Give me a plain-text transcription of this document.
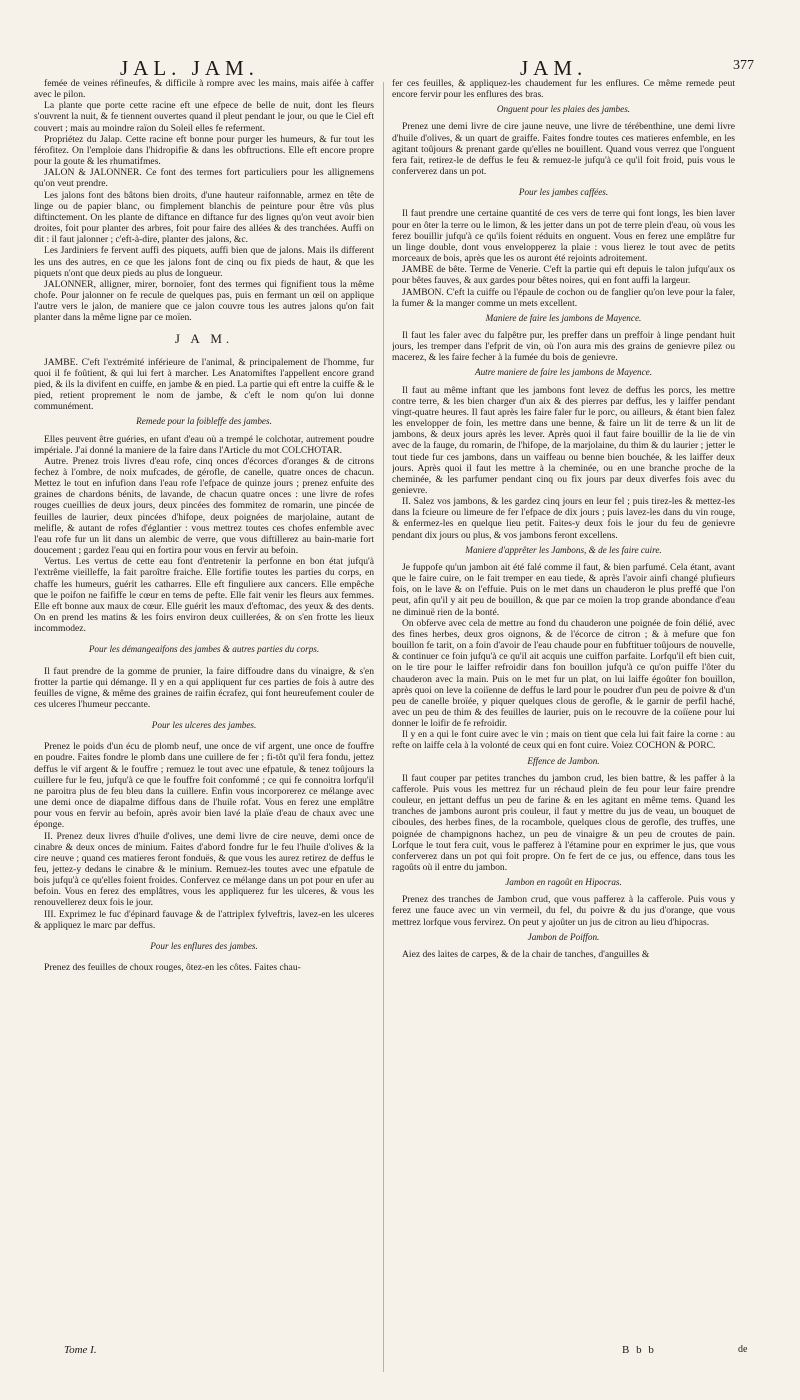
JAL. JAM.	JAM.	377

femée de veines réfineufes, & difficile à rompre avec les mains, mais aifée à caffer avec le pilon.

La plante que porte cette racine eft une efpece de belle de nuit, dont les fleurs s'ouvrent la nuit, & fe tiennent ouvertes quand il pleut pendant le jour, ou que le Ciel eft couvert ; mais au moindre raïon du Soleil elles fe referment.

Propriétez du Jalap. Cette racine eft bonne pour purger les humeurs, & fur tout les férofitez. On l'emploie dans l'hidropifie & dans les obftructions. Elle eft encore propre pour la goute & les rhumatifmes.

JALON & JALONNER. Ce font des termes fort particuliers pour les allignemens qu'on veut prendre.

Les jalons font des bâtons bien droits, d'une hauteur raifonnable, armez en tête de linge ou de papier blanc, ou fimplement blanchis de peinture pour être vûs plus diftinctement. On les plante de diftance en diftance fur des lignes qu'on veut avoir bien droites, foit pour planter des arbres, foit pour faire des allées & des tranchées. Auffi on dit : il faut jalonner ; c'eft-à-dire, planter des jalons, &c.

Les Jardiniers fe fervent auffi des piquets, auffi bien que de jalons. Mais ils different les uns des autres, en ce que les jalons font de cinq ou fix pieds de haut, & que les piquets n'ont que deux pieds au plus de longueur.

JALONNER, alligner, mirer, bornoïer, font des termes qui fignifient tous la même chofe. Pour jalonner on fe recule de quelques pas, puis en fermant un œil on applique l'autre vers le jalon, de maniere que ce jalon couvre tous les autres jalons qu'on fait planter dans la même ligne par ce moïen.

J A M.

JAMBE. C'eft l'extrémité inférieure de l'animal, & principalement de l'homme, fur quoi il fe foûtient, & qui lui fert à marcher. Les Anatomiftes l'appellent encore grand pied, & ils la divifent en cuiffe, en jambe & en pied. La partie qui eft entre la cuiffe & le pied, retient proprement le nom de jambe, & c'eft le nom qu'on lui donne communément.

Remede pour la foibleffe des jambes.

Elles peuvent être guéries, en ufant d'eau où a trempé le colchotar, autrement poudre impériale. J'ai donné la maniere de la faire dans l'Article du mot COLCHOTAR.

Autre. Prenez trois livres d'eau rofe, cinq onces d'écorces d'oranges & de citrons fechez à l'ombre, de noix mufcades, de gérofle, de canelle, quatre onces de chacun. Mettez le tout en infufion dans l'eau rofe l'efpace de quinze jours ; prenez enfuite des graines de chardons bénits, de lavande, de chacun quatre onces : une livre de rofes rouges cueillies de deux jours, deux pincées des fommitez de romarin, une pincée de feuilles de laurier, deux pincées d'hifope, deux poignées de marjolaine, autant de melifle, & autant de rofes d'églantier : vous mettrez toutes ces chofes enfemble avec l'eau rofe fur un lit dans un alembic de verre, que vous diftillerez au bain-marie fort doucement ; gardez l'eau qui en fortira pour vous en fervir au befoin.

Vertus. Les vertus de cette eau font d'entretenir la perfonne en bon état jufqu'à l'extrême vieilleffe, la fait paroître fraiche. Elle fortifie toutes les parties du corps, en chaffe les humeurs, guérit les catharres. Elle eft finguliere aux cancers. Elle empêche que le poifon ne faififfe le cœur en tems de pefte. Elle fait venir les fleurs aux femmes. Elle eft bonne aux maux de cœur. Elle guérit les maux d'eftomac, des yeux & des dents. On en prend les matins & les foirs environ deux cuillerées, & on s'en frotte les lieux incommodez.

Pour les démangeaifons des jambes & autres parties du corps.

Il faut prendre de la gomme de prunier, la faire diffoudre dans du vinaigre, & s'en frotter la partie qui démange. Il y en a qui appliquent fur ces parties de fois à autre des feuilles de vigne, & même des graines de raifin écrafez, qui font heureufement couler de ces ulceres l'humeur peccante.

Pour les ulceres des jambes.

Prenez le poids d'un écu de plomb neuf, une once de vif argent, une once de fouffre en poudre. Faites fondre le plomb dans une cuillere de fer ; fi-tôt qu'il fera fondu, jettez deffus le vif argent & le fouffre ; remuez le tout avec une efpatule, & tenez toûjours la cuillere fur le feu, jufqu'à ce que le fouffre foit confommé ; ce qui fe connoitra lorfqu'il ne paroitra plus de feu bleu dans la cuillere. Enfin vous incorporerez ce mélange avec une demi once de diapalme diffous dans de l'huile rofat. Vous en ferez une emplâtre pour vous en fervir au befoin, après avoir bien lavé la plaïe d'eau de chaux avec une éponge.

II. Prenez deux livres d'huile d'olives, une demi livre de cire neuve, demi once de cinabre & deux onces de minium. Faites d'abord fondre fur le feu l'huile d'olives & la cire neuve ; quand ces matieres feront fonduës, & que vous les aurez retirez de deffus le feu, jettez-y dedans le cinabre & le minium. Remuez-les toutes avec une efpatule de bois jufqu'à ce qu'elles foient froides. Confervez ce mélange dans un pot pour en ufer au befoin. Vous en ferez des emplâtres, vous les appliquerez fur les ulceres, & vous les renouvellerez deux fois le jour.

III. Exprimez le fuc d'épinard fauvage & de l'attriplex fylveftris, lavez-en les ulceres & appliquez le marc par deffus.

Pour les enflures des jambes.

Prenez des feuilles de choux rouges, ôtez-en les côtes. Faites chau-

fer ces feuilles, & appliquez-les chaudement fur les enflures. Ce même remede peut encore fervir pour les enflures des bras.

Onguent pour les plaies des jambes.

Prenez une demi livre de cire jaune neuve, une livre de térébenthine, une demi livre d'huile d'olives, & un quart de graiffe. Faites fondre toutes ces matieres enfemble, en les agitant toûjours & prenant garde qu'elles ne bouillent. Quand vous verrez que l'onguent fera fait, retirez-le de deffus le feu & remuez-le jufqu'à ce qu'il foit froid, puis vous le conferverez dans un pot.

Pour les jambes caffées.

Il faut prendre une certaine quantité de ces vers de terre qui font longs, les bien laver pour en ôter la terre ou le limon, & les jetter dans un pot de terre plein d'eau, où vous les ferez bouillir jufqu'à ce qu'ils foient réduits en onguent. Vous en ferez une emplâtre fur un linge double, dont vous envelopperez la plaie : vous lierez le tout avec de petits morceaux de bois, après que les os auront été rejoints adroitement.

JAMBE de bête. Terme de Venerie. C'eft la partie qui eft depuis le talon jufqu'aux os pour bêtes fauves, & aux gardes pour bêtes noires, qui en font auffi la largeur.

JAMBON. C'eft la cuiffe ou l'épaule de cochon ou de fanglier qu'on leve pour la faler, la fumer & la manger comme un mets excellent.

Maniere de faire les jambons de Mayence.

Il faut les faler avec du falpêtre pur, les preffer dans un preffoir à linge pendant huit jours, les tremper dans l'efprit de vin, où l'on aura mis des grains de genievre pilez ou macerez, & les faire fecher à la fumée du bois de genievre.

Autre maniere de faire les jambons de Mayence.

Il faut au même inftant que les jambons font levez de deffus les porcs, les mettre contre terre, & les bien charger d'un aix & des pierres par deffus, les y laiffer pendant vingt-quatre heures. Il faut après les faire faler fur le porc, ou ailleurs, & étant bien falez les envelopper de foin, les mettre dans une benne, & faire un lit de terre & un lit de jambons, & deux jours après les lever. Après quoi il faut faire bouillir de la lie de vin avec de la fauge, du romarin, de l'hifope, de la marjolaine, du thim & du laurier ; jetter le tout tiede fur ces jambons, dans un vaiffeau ou benne bien bouchée, & les laiffer deux jours. Après quoi il faut les mettre à la cheminée, ou en une branche proche de la cheminée, & les parfumer pendant cinq ou fix jours par deux diverfes fois avec du genievre.

II. Salez vos jambons, & les gardez cinq jours en leur fel ; puis tirez-les & mettez-les dans la fcieure ou limeure de fer l'efpace de dix jours ; puis lavez-les dans du vin rouge, & enfermez-les en quelque lieu petit. Faites-y deux fois le jour du feu de genievre pendant dix jours ou plus, & vos jambons feront excellens.

Maniere d'apprêter les Jambons, & de les faire cuire.

Je fuppofe qu'un jambon ait été falé comme il faut, & bien parfumé. Cela étant, avant que le faire cuire, on le fait tremper en eau tiede, & après l'avoir ainfi changé plufieurs fois, on le lave & on l'effuie. Puis on le met dans un chauderon le plus preffé que l'on peut, afin qu'il y ait peu de bouillon, & que par ce moïen la trop grande abondance d'eau ne diminuë rien de la bonté.

On obferve avec cela de mettre au fond du chauderon une poignée de foin délié, avec des fines herbes, deux gros oignons, & de l'écorce de citron ; & à mefure que fon bouillon fe tarit, on a foin d'avoir de l'eau chaude pour en fubftituer toûjours de nouvelle, & continuer ce foin jufqu'à ce qu'il ait acquis une cuiffon parfaite. Lorfqu'il eft bien cuit, on le tire pour le laiffer refroidir dans fon bouillon jufqu'à ce qu'on puiffe l'ôter du chauderon avec la main. Puis on le met fur un plat, on lui laiffe égoûter fon bouillon, après quoi on leve la coiïenne de deffus le lard pour le poudrer d'un peu de poivre & d'un peu de canelle broïée, y piquer quelques clous de gerofle, & le garnir de perfil haché, avec un peu de thim & des feuilles de laurier, puis on le recouvre de la coiïene pour lui donner le loifir de fe refroidir.

Il y en a qui le font cuire avec le vin ; mais on tient que cela lui fait faire la corne : au refte on laiffe cela à la volonté de ceux qui en font cuire. Voiez COCHON & PORC.

Effence de Jambon.

Il faut couper par petites tranches du jambon crud, les bien battre, & les paffer à la cafferole. Puis vous les mettrez fur un réchaud plein de feu pour leur faire prendre couleur, en jettant deffus un peu de farine & en les agitant en même tems. Quand les tranches de jambons auront pris couleur, il faut y mettre du jus de veau, un bouquet de ciboules, des herbes fines, de la rocambole, quelques clous de gerofle, des truffes, une poignée de champignons hachez, un peu de vinaigre & un peu de croutes de pain. Lorfque le tout fera cuit, vous le pafferez à l'étamine pour en exprimer le jus, que vous conferverez dans un pot qui foit propre. On fe fert de ce jus, ou effence, dans tous les ragoûts où il entre du jambon.

Jambon en ragoût en Hipocras.

Prenez des tranches de Jambon crud, que vous pafferez à la cafferole. Puis vous y ferez une fauce avec un vin vermeil, du fel, du poivre & du jus d'orange, que vous mettrez lorfque vous fervirez. On peut y ajoûter un jus de citron au lieu d'hipocras.

Jambon de Poiffon.

Aiez des laites de carpes, & de la chair de tanches, d'anguilles &

Tome I.	B b b	de
